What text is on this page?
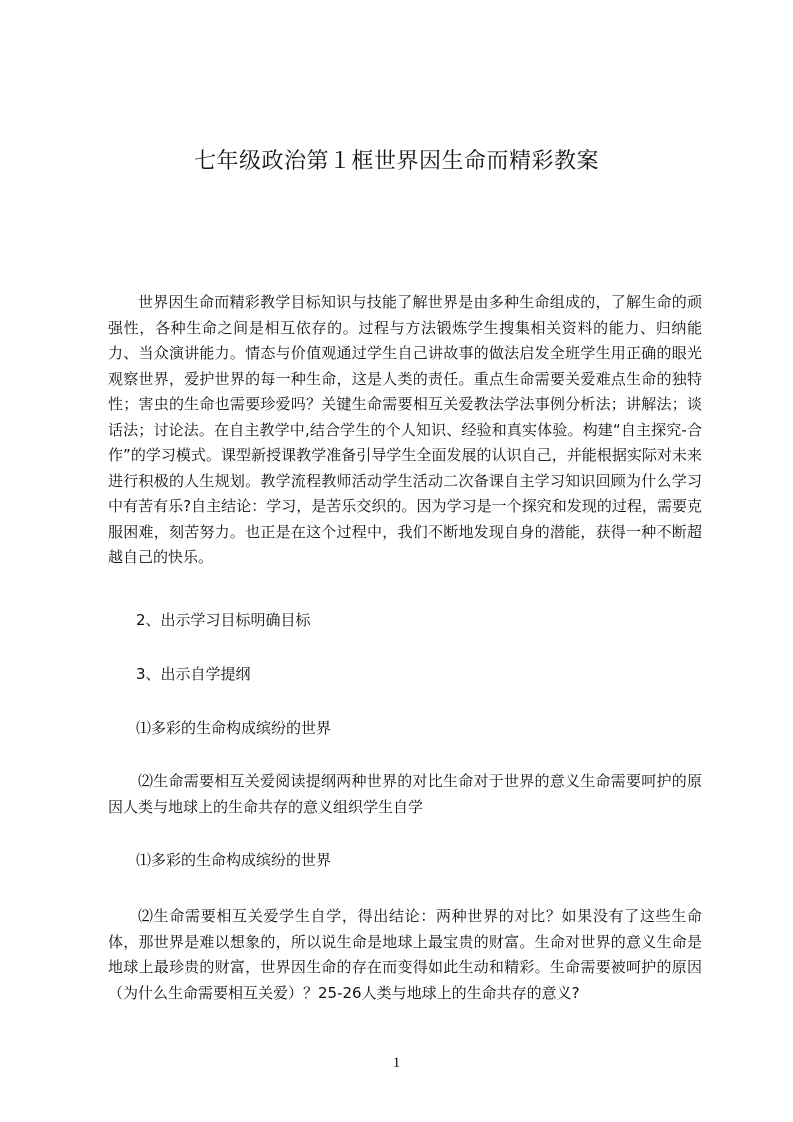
七年级政治第１框世界因生命而精彩教案

世界因生命而精彩教学目标知识与技能了解世界是由多种生命组成的，了解生命的顽强性，各种生命之间是相互依存的。过程与方法锻炼学生搜集相关资料的能力、归纳能力、当众演讲能力。情态与价值观通过学生自己讲故事的做法启发全班学生用正确的眼光观察世界，爱护世界的每一种生命，这是人类的责任。重点生命需要关爱难点生命的独特性；害虫的生命也需要珍爱吗？关键生命需要相互关爱教法学法事例分析法；讲解法；谈话法；讨论法。在自主教学中,结合学生的个人知识、经验和真实体验。构建“自主探究-合作”的学习模式。课型新授课教学准备引导学生全面发展的认识自己，并能根据实际对未来进行积极的人生规划。教学流程教师活动学生活动二次备课自主学习知识回顾为什么学习中有苦有乐?自主结论：学习，是苦乐交织的。因为学习是一个探究和发现的过程，需要克服困难，刻苦努力。也正是在这个过程中，我们不断地发现自身的潜能，获得一种不断超越自己的快乐。

2、出示学习目标明确目标

3、出示自学提纲

⑴多彩的生命构成缤纷的世界

⑵生命需要相互关爱阅读提纲两种世界的对比生命对于世界的意义生命需要呵护的原因人类与地球上的生命共存的意义组织学生自学

⑴多彩的生命构成缤纷的世界

⑵生命需要相互关爱学生自学，得出结论：两种世界的对比？如果没有了这些生命体，那世界是难以想象的，所以说生命是地球上最宝贵的财富。生命对世界的意义生命是地球上最珍贵的财富，世界因生命的存在而变得如此生动和精彩。生命需要被呵护的原因（为什么生命需要相互关爱）？25-26人类与地球上的生命共存的意义?

1
